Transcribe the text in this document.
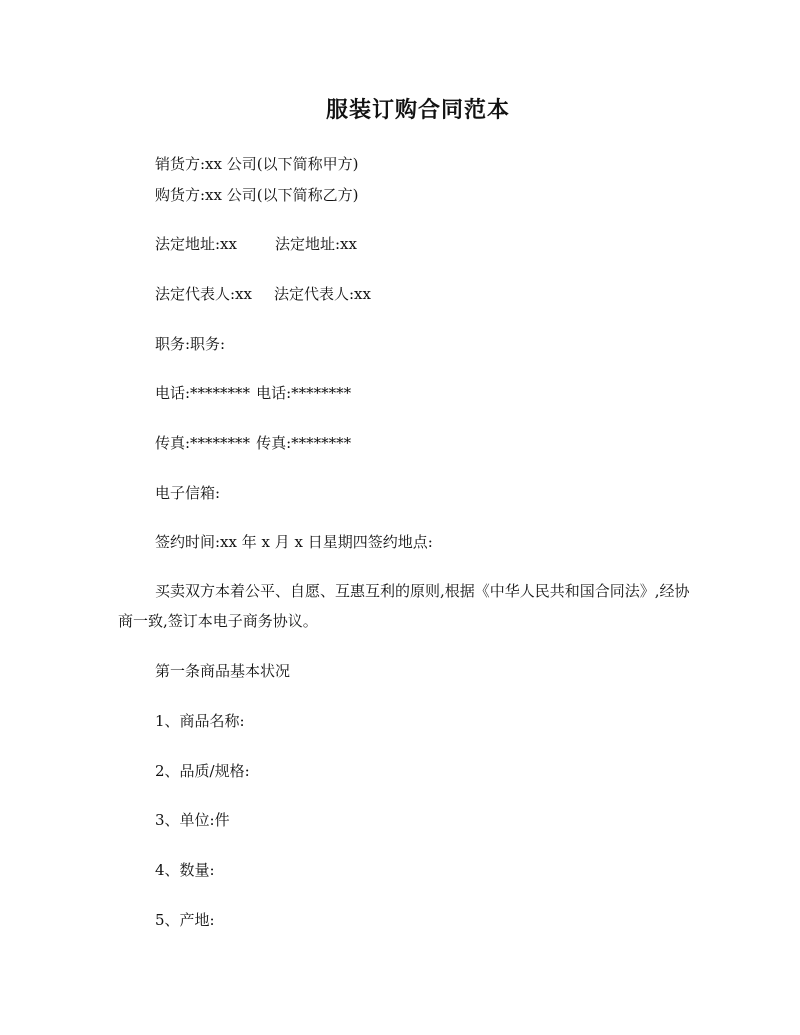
服装订购合同范本
销货方:xx 公司(以下简称甲方)
购货方:xx 公司(以下简称乙方)
法定地址:xx	法定地址:xx
法定代表人:xx 法定代表人:xx
职务:职务:
电话:******** 电话:********
传真:******** 传真:********
电子信箱:
签约时间:xx 年 x 月 x 日星期四签约地点:
买卖双方本着公平、自愿、互惠互利的原则,根据《中华人民共和国合同法》,经协商一致,签订本电子商务协议。
第一条商品基本状况
1、商品名称:
2、品质/规格:
3、单位:件
4、数量:
5、产地:
